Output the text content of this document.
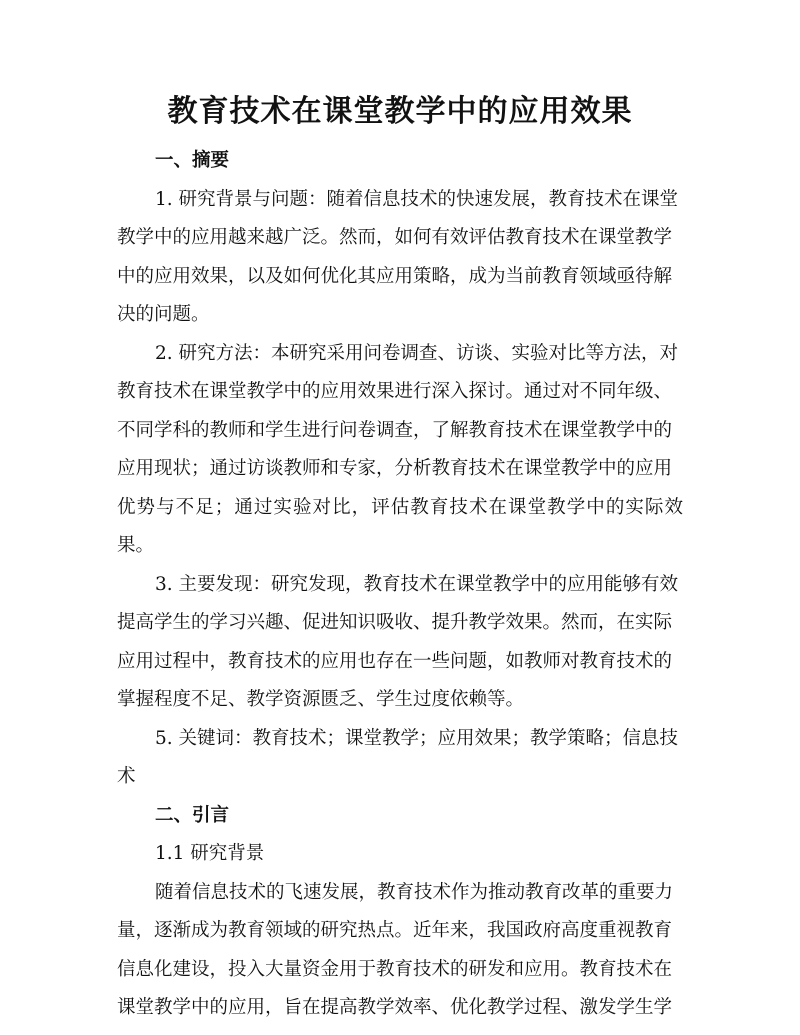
教育技术在课堂教学中的应用效果

一、摘要

1. 研究背景与问题：随着信息技术的快速发展，教育技术在课堂
教学中的应用越来越广泛。然而，如何有效评估教育技术在课堂教学
中的应用效果，以及如何优化其应用策略，成为当前教育领域亟待解
决的问题。

2. 研究方法：本研究采用问卷调查、访谈、实验对比等方法，对
教育技术在课堂教学中的应用效果进行深入探讨。通过对不同年级、
不同学科的教师和学生进行问卷调查，了解教育技术在课堂教学中的
应用现状；通过访谈教师和专家，分析教育技术在课堂教学中的应用
优势与不足；通过实验对比，评估教育技术在课堂教学中的实际效果。

3. 主要发现：研究发现，教育技术在课堂教学中的应用能够有效
提高学生的学习兴趣、促进知识吸收、提升教学效果。然而，在实际
应用过程中，教育技术的应用也存在一些问题，如教师对教育技术的
掌握程度不足、教学资源匮乏、学生过度依赖等。

5. 关键词：教育技术；课堂教学；应用效果；教学策略；信息技
术

二、引言

1.1 研究背景

随着信息技术的飞速发展，教育技术作为推动教育改革的重要力
量，逐渐成为教育领域的研究热点。近年来，我国政府高度重视教育
信息化建设，投入大量资金用于教育技术的研发和应用。教育技术在
课堂教学中的应用，旨在提高教学效率、优化教学过程、激发学生学
